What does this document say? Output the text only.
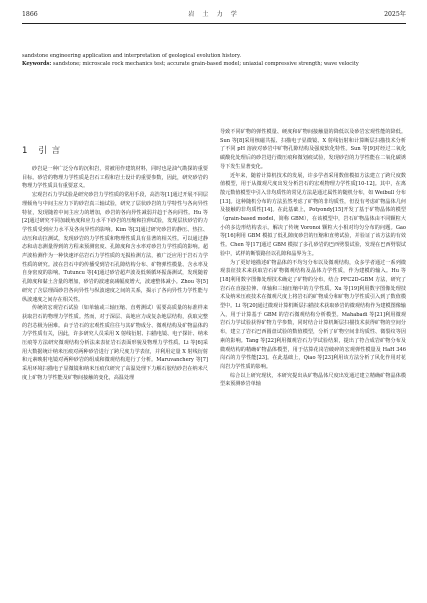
1866	岩 土 力 学	2025年

sandstone engineering application and interpretation of geological evolution history.

Keywords: sandstone; microscale rock mechanics test; accurate grain-based model; uniaxial compressive strength; wave velocity

1 引 言

砂岩是一种广泛分布的沉积岩，常被用作建筑材料，同时也是油气勘探的重要目标。砂岩的物理力学性质是岩石工程和岩土设计的重要参数，因此，研究砂岩的物理力学性质具有重要意义。

宏观岩石力学试验是研究砂岩力学性质的常用手段，高浩等[1]通过开展不同层理倾角与中间主应力下的砂岩真三轴试验，研究了层状砂岩的力学特性与各向异性特征，发现随着中间主应力的增加，砂岩的各向异性减弱并趋于各向同性。Hu 等[2]通过研究不同加载角度和应力水平下砂岩的压缩和拉伸试验，发现层状砂岩的力学性质受到应力水平及各向异性的影响。Kim 等[3]通过研究砂岩的静压、热拉、动压和动拉测试，发现砂岩的力学性质和物理性质具有显著的相关性。可以通过静态和动态测量得到的方程来预测密度、孔隙度和含水率对砂岩力学性质的影响。超声波检测作为一种快速评估岩石力学性质的无损检测方法，被广泛应用于岩石力学性质的研究。波在岩石中的传播受到岩石孔隙结构分布、矿物弹性模量、含水率及自身密度的影响。Tutuncu 等[4]通过砂岩超声波及低频循环振荡测试，发现随着孔隙度和黏土含量的增加，砂岩的波速衰减幅度增大，波速整体减小。Zhou 等[5]研究了含层理面砂岩各向异性与纵波速度之间的关系，揭示了各向异性力学性能与纵波速度之间存在相关性。

传统的宏观岩石试验（如单轴或三轴压缩、直剪测试）需要高质量的标准样来获取岩石的物理力学性质。然而，对于深层、高地应力或复杂地层结构，获取完整的岩芯极为困难。由于岩石的宏观性质往往与其矿物成分、微观结构及矿物晶体的力学性质有关，因此，许多研究人员采用 X 射线衍射、扫描电镜、电子探针、纳米压痕等方法研究微观结构分析法来表征岩石表面形貌及物理力学性质。Li 等[6]采用大数据统计纳米压痕对两种砂岩进行了跨尺度力学表征，并利用定量 X 射线衍射和元素映射电镜对两种砂岩的组成和微观结构进行了分析。Maruvanchery 等[7]采用环境扫描电子显微镜和纳米压痕仪研究了高温处理下力解石胶结砂岩在纳米尺度上矿物力学性能及矿物间接触的变化，高温处理

导致不同矿物的弹性模量、硬度和矿物间接触量的降低以及砂岩宏观性能的降低。Sun 等[8]采用核磁共振、扫描电子显微镜、X 射线衍射和计算断层扫描技术分析了不同 pH 溶液对砂岩中矿物孔隙结构及强度软化特性。Sun 等[9]对经过二氧化碳酸化处理后的砂岩进行微压痕和微划痕试验，发现砂岩的力学性能在二氧化碳诱导下发生显著变化。

近年来，随着计算机技术的发展，许多学者采用数值模拟方法建立了跨尺度数值模型，用于从微观尺度出发分析岩石的宏观物理力学性质[10-12]。其中，在离散元数值模型中引入非均质性的常见方法是通过属性的随机分布，如 Weibull 分布[13]。这种随机分布的方法虽然考虑了矿物的非均质性，但没有考虑矿物晶体几何及接触的非均质性[14]。在此基础上，Potyondy[15]开发了基于矿物晶体的模型（grain-based model，简称 GBM），在该模型中，岩石矿物晶体由不同颗粒大小的多边形结构表示。解决了传统 Voronoi 颗粒大小相对均匀分布的问题。Gao 等[16]利用 GBM 模拟了低孔隙度砂岩的压缩和直剪试验，并验证了该方法的有效性。Chen 等[17]通过 GBM 模拟了多孔砂岩的巴西劈裂试验，发现在巴西劈裂试验中，试样的断裂路径以孔隙和晶界为主。

为了更好地描述矿物晶体的不均匀分布以及微观结构，众多学者通过一系列微观表征技术来获取岩石矿物微观结构及晶体力学性质，作为建模的输入。Hu 等[18]利用数字图像处理技术确定了矿物的分布，结合 PFC2D-GBM 方法，研究了岩石在直接拉伸、单轴和三轴压缩中的力学性质。Xu 等[19]利用数字图像处理技术及纳米压痕技术在微观尺度上将岩石的矿物成分和矿物力学性质引入到了数值模型中。Li 等[20]通过微观计算机断层扫描技术获取砂岩的微观结构作为建模图像输入，用于计算基于 GBM 的岩石微观结构分析模型。Mahabadi 等[21]利用微观岩石力学试验获得矿物力学参数，同时结合计算机断层扫描技术获得矿物的空间分布，建立了岩石巴西圆盘试验的数值模型，分析了矿物空间非均质性、微裂纹等因素的影响。Tang 等[22]利用微观岩石力学试验结果，提出了符合成岩矿物分布及微观结构的精确矿物晶体模型，用于估算花岗岩破碎的宏观弹性模量及 HaH 346 岗石的力学性能[23]。在此基础上，Qiao 等[23]利用该方法分析了风化作用对花岗岩力学性质的影响。

综合以上研究现状，本研究提出从矿物晶体尺度出发通过建立精确矿物晶体模型来预测砂岩单轴
